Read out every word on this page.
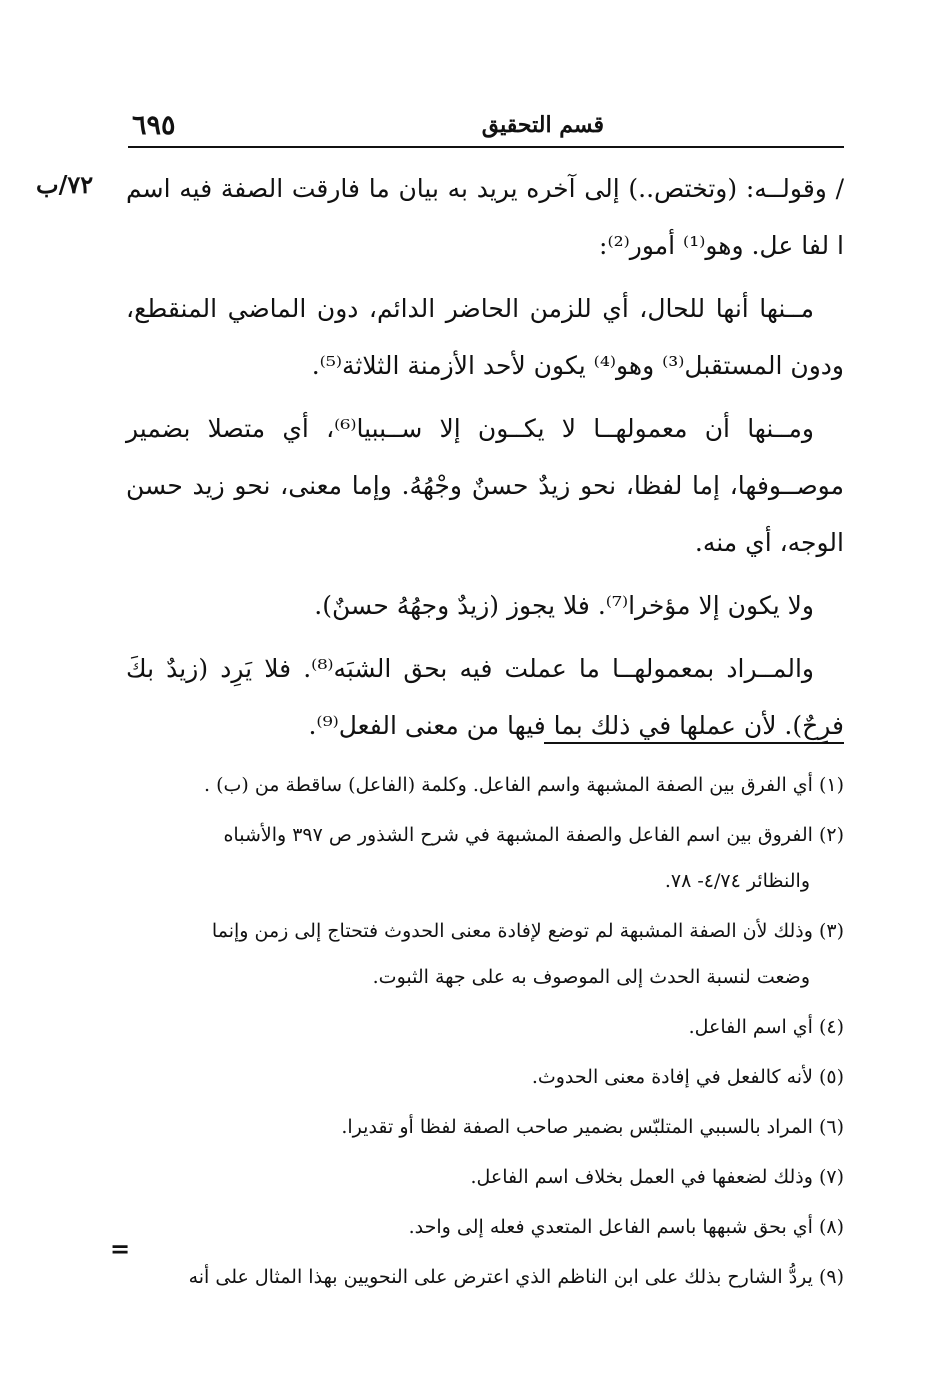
٦٩٥	قسم التحقيق
٧٢/ب / وقولــه: (وتختص..) إلى آخره يريد به بيان ما فارقت الصفة فيه اسم ا لفا عل. وهو⁽¹⁾ أمور⁽²⁾:

مــنها أنها للحال، أي للزمن الحاضر الدائم، دون الماضي المنقطع، ودون المستقبل⁽³⁾ وهو⁽⁴⁾ يكون لأحد الأزمنة الثلاثة⁽⁵⁾.

ومــنها أن معمولهــا لا يكــون إلا ســببيا⁽⁶⁾، أي متصلا بضمير موصــوفها، إما لفظا، نحو زيدٌ حسنٌ وجْهُهُ. وإما معنى، نحو زيد حسن الوجه، أي منه.

ولا يكون إلا مؤخرا⁽⁷⁾. فلا يجوز (زيدٌ وجهُهُ حسنٌ).

والمــراد بمعمولهــا ما عملت فيه بحق الشبَه⁽⁸⁾. فلا يَرِد (زيدٌ بكَ فرِحٌ). لأن عملها في ذلك بما فيها من معنى الفعل⁽⁹⁾.

(١)أي الفرق بين الصفة المشبهة واسم الفاعل. وكلمة (الفاعل) ساقطة من (ب) .
(٢)الفروق بين اسم الفاعل والصفة المشبهة في شرح الشذور ص ٣٩٧ والأشباه
والنظائر ٤/٧٤- ٧٨.
(٣)وذلك لأن الصفة المشبهة لم توضع لإفادة معنى الحدوث فتحتاج إلى زمن وإنما
وضعت لنسبة الحدث إلى الموصوف به على جهة الثبوت.
(٤)أي اسم الفاعل.
(٥)لأنه كالفعل في إفادة معنى الحدوث.
(٦)المراد بالسببي المتلبّس بضمير صاحب الصفة لفظا أو تقديرا.
(٧)وذلك لضعفها في العمل بخلاف اسم الفاعل.
(٨)أي بحق شبهها باسم الفاعل المتعدي فعله إلى واحد.
(٩)يردُّ الشارح بذلك على ابن الناظم الذي اعترض على النحويين بهذا المثال على أنه
=
